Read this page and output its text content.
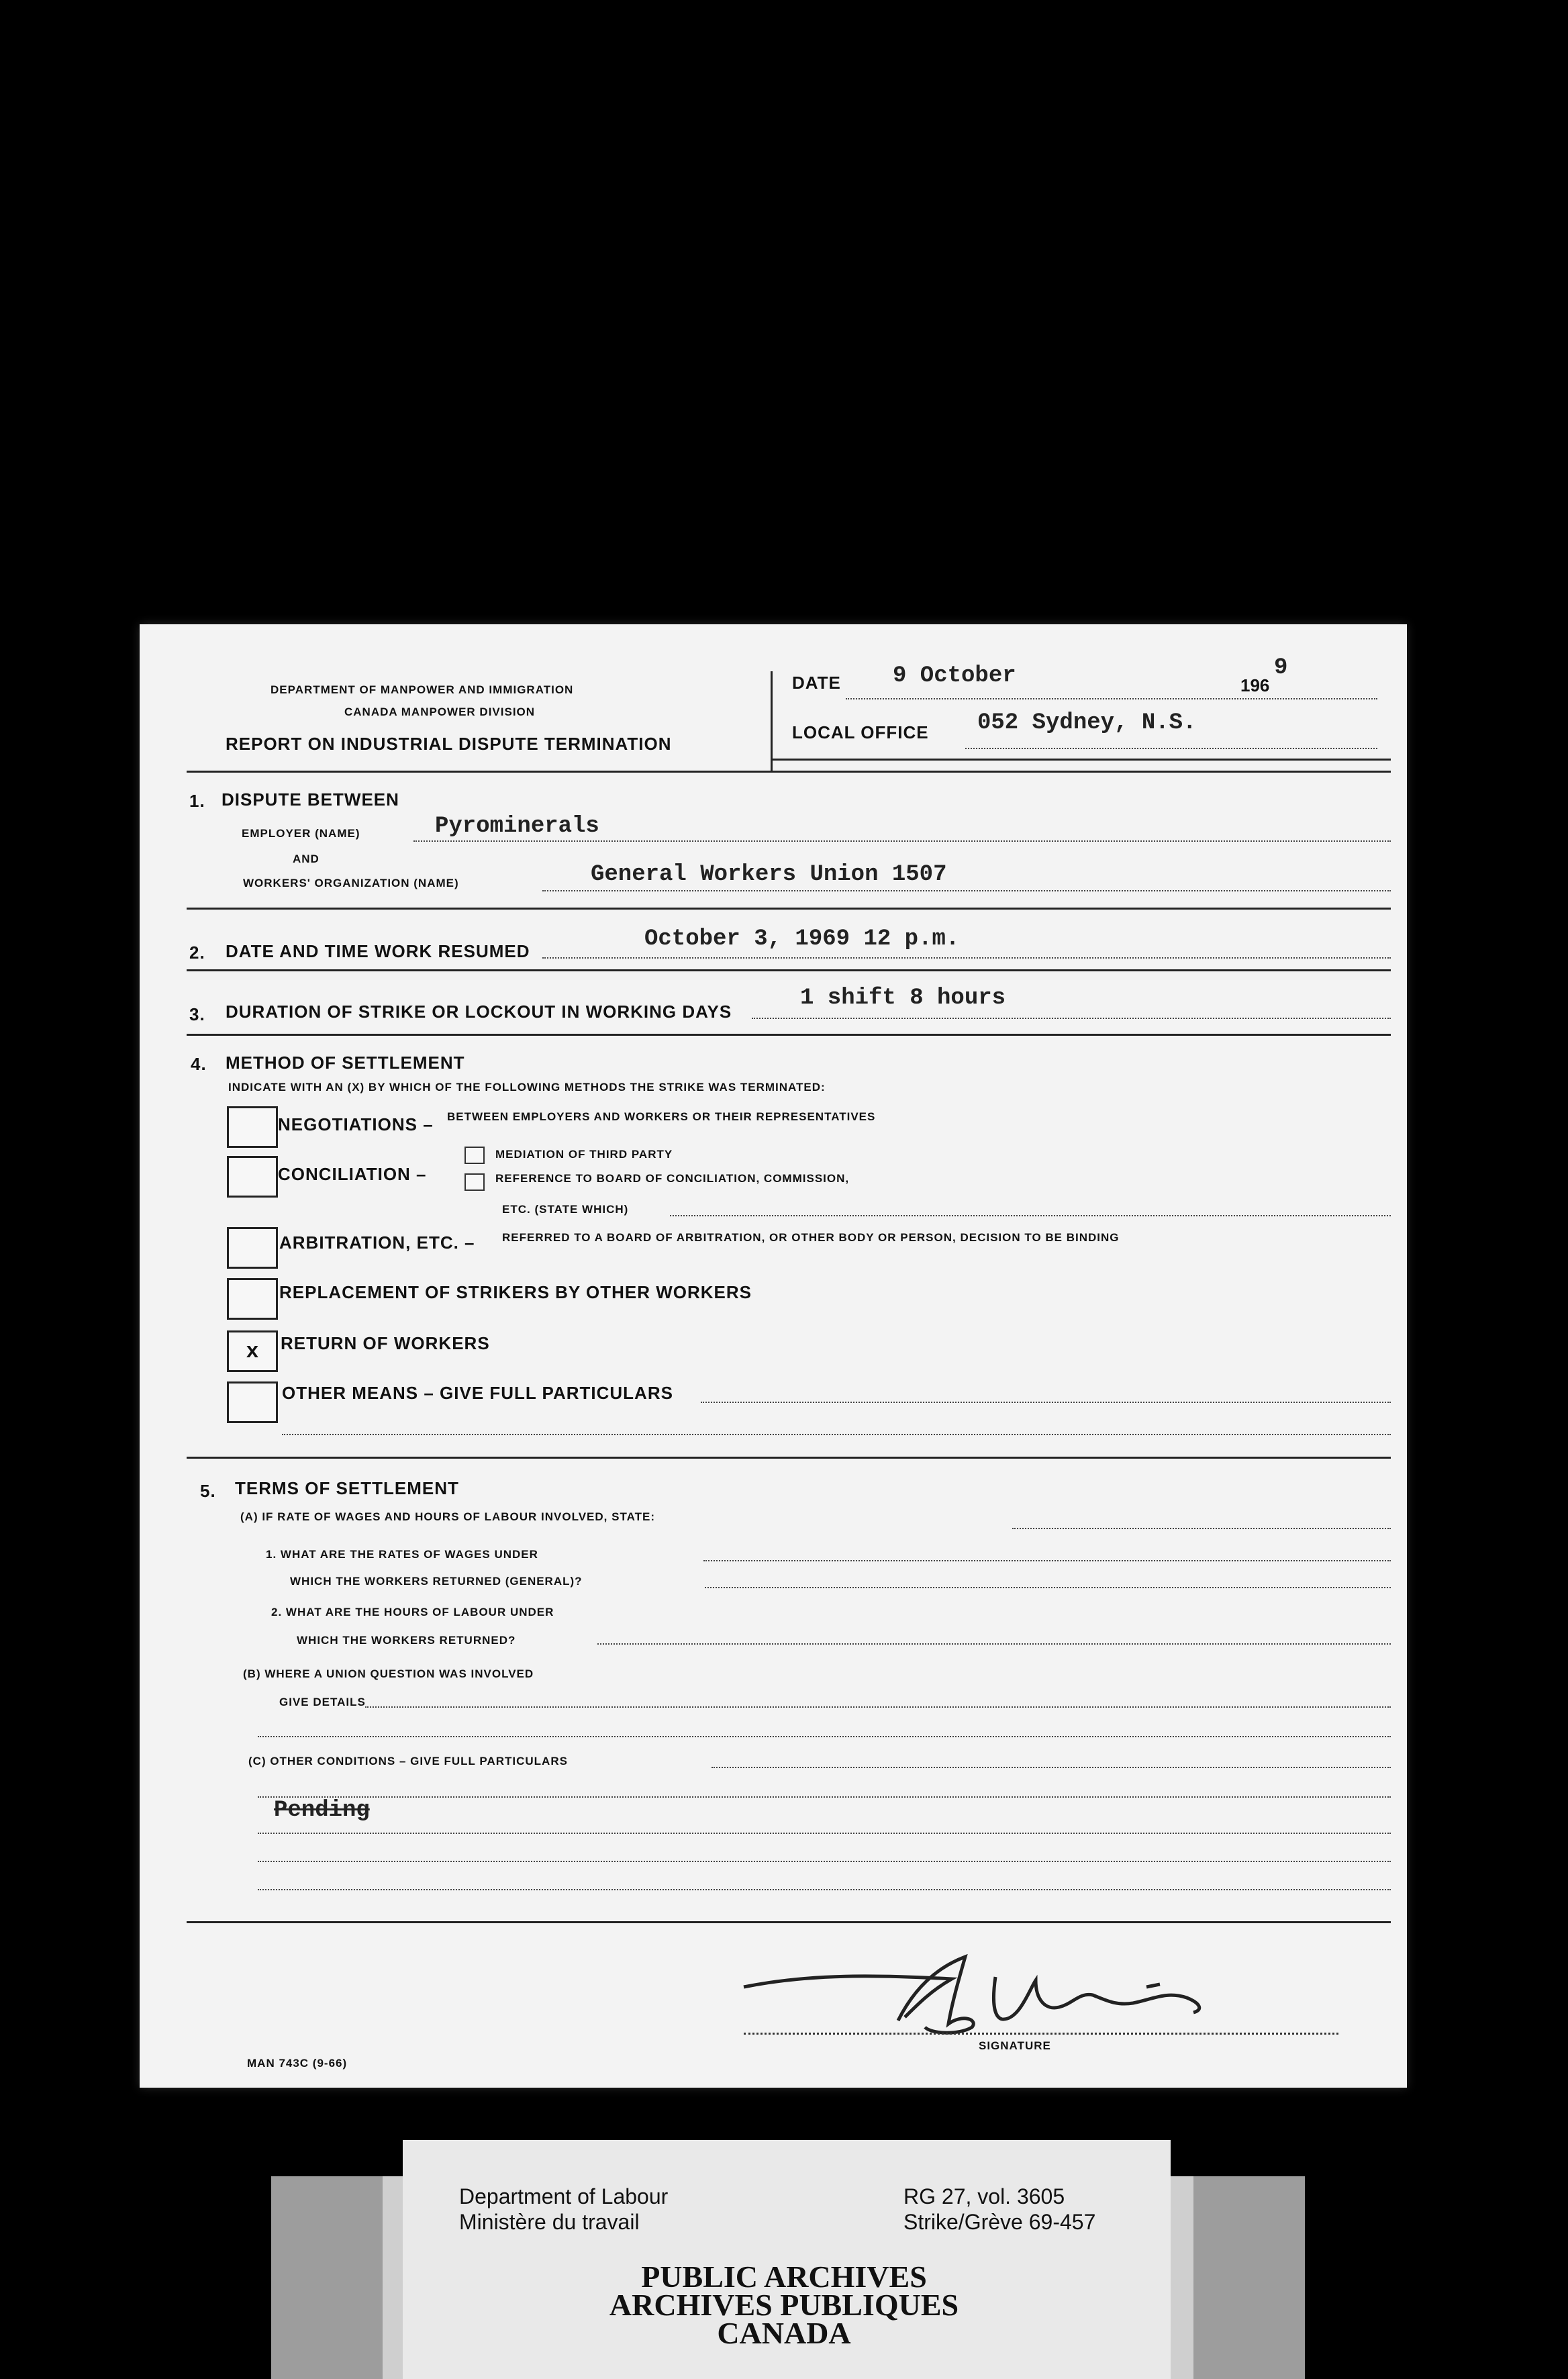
DEPARTMENT OF MANPOWER AND IMMIGRATION
CANADA MANPOWER DIVISION
REPORT ON INDUSTRIAL DISPUTE TERMINATION
DATE 9 October	196
9
LOCAL OFFICE 052 Sydney, N.S.
1. DISPUTE BETWEEN
EMPLOYER (NAME)	Pyrominerals
AND
WORKERS' ORGANIZATION (NAME)	General Workers Union 1507
2. DATE AND TIME WORK RESUMED	October 3, 1969 12 p.m.
3. DURATION OF STRIKE OR LOCKOUT IN WORKING DAYS
1 shift 8 hours
4. METHOD OF SETTLEMENT
INDICATE WITH AN (X) BY WHICH OF THE FOLLOWING METHODS THE STRIKE WAS TERMINATED:
NEGOTIATIONS – BETWEEN EMPLOYERS AND WORKERS OR THEIR REPRESENTATIVES
CONCILIATION –
MEDIATION OF THIRD PARTY
REFERENCE TO BOARD OF CONCILIATION, COMMISSION,
ETC. (STATE WHICH)
ARBITRATION, ETC. – REFERRED TO A BOARD OF ARBITRATION, OR OTHER BODY OR PERSON, DECISION TO BE BINDING
REPLACEMENT OF STRIKERS BY OTHER WORKERS
x RETURN OF WORKERS
OTHER MEANS – GIVE FULL PARTICULARS
5. TERMS OF SETTLEMENT
(A) IF RATE OF WAGES AND HOURS OF LABOUR INVOLVED, STATE:
1. WHAT ARE THE RATES OF WAGES UNDER
WHICH THE WORKERS RETURNED (GENERAL)?
2. WHAT ARE THE HOURS OF LABOUR UNDER
WHICH THE WORKERS RETURNED?
(B) WHERE A UNION QUESTION WAS INVOLVED
GIVE DETAILS
(C) OTHER CONDITIONS – GIVE FULL PARTICULARS
Pending
SIGNATURE
MAN 743C (9-66)
Department of Labour
Ministère du travail
RG 27, vol. 3605
Strike/Grève 69-457
PUBLIC ARCHIVES
ARCHIVES PUBLIQUES
CANADA
